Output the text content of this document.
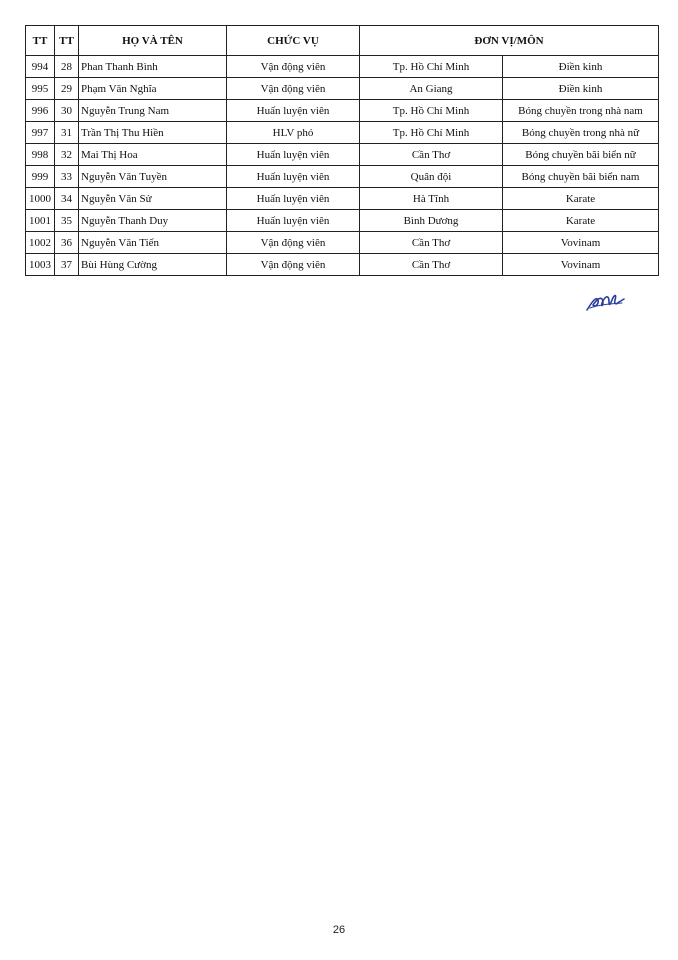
TT	TT	HỌ VÀ TÊN	CHỨC VỤ	ĐƠN VỊ/MÔN	
994	28	Phan Thanh Bình	Vận động viên	Tp. Hồ Chí Minh	Điền kinh
995	29	Phạm Văn Nghĩa	Vận động viên	An Giang	Điền kinh
996	30	Nguyễn Trung Nam	Huấn luyện viên	Tp. Hồ Chí Minh	Bóng chuyền trong nhà nam
997	31	Trần Thị Thu Hiền	HLV phó	Tp. Hồ Chí Minh	Bóng chuyền trong nhà nữ
998	32	Mai Thị Hoa	Huấn luyện viên	Cần Thơ	Bóng chuyền bãi biển nữ
999	33	Nguyễn Văn Tuyền	Huấn luyện viên	Quân đội	Bóng chuyền bãi biển nam
1000	34	Nguyễn Văn Sử	Huấn luyện viên	Hà Tĩnh	Karate
1001	35	Nguyễn Thanh Duy	Huấn luyện viên	Bình Dương	Karate
1002	36	Nguyễn Văn Tiến	Vận động viên	Cần Thơ	Vovinam
1003	37	Bùi Hùng Cường	Vận động viên	Cần Thơ	Vovinam
26
